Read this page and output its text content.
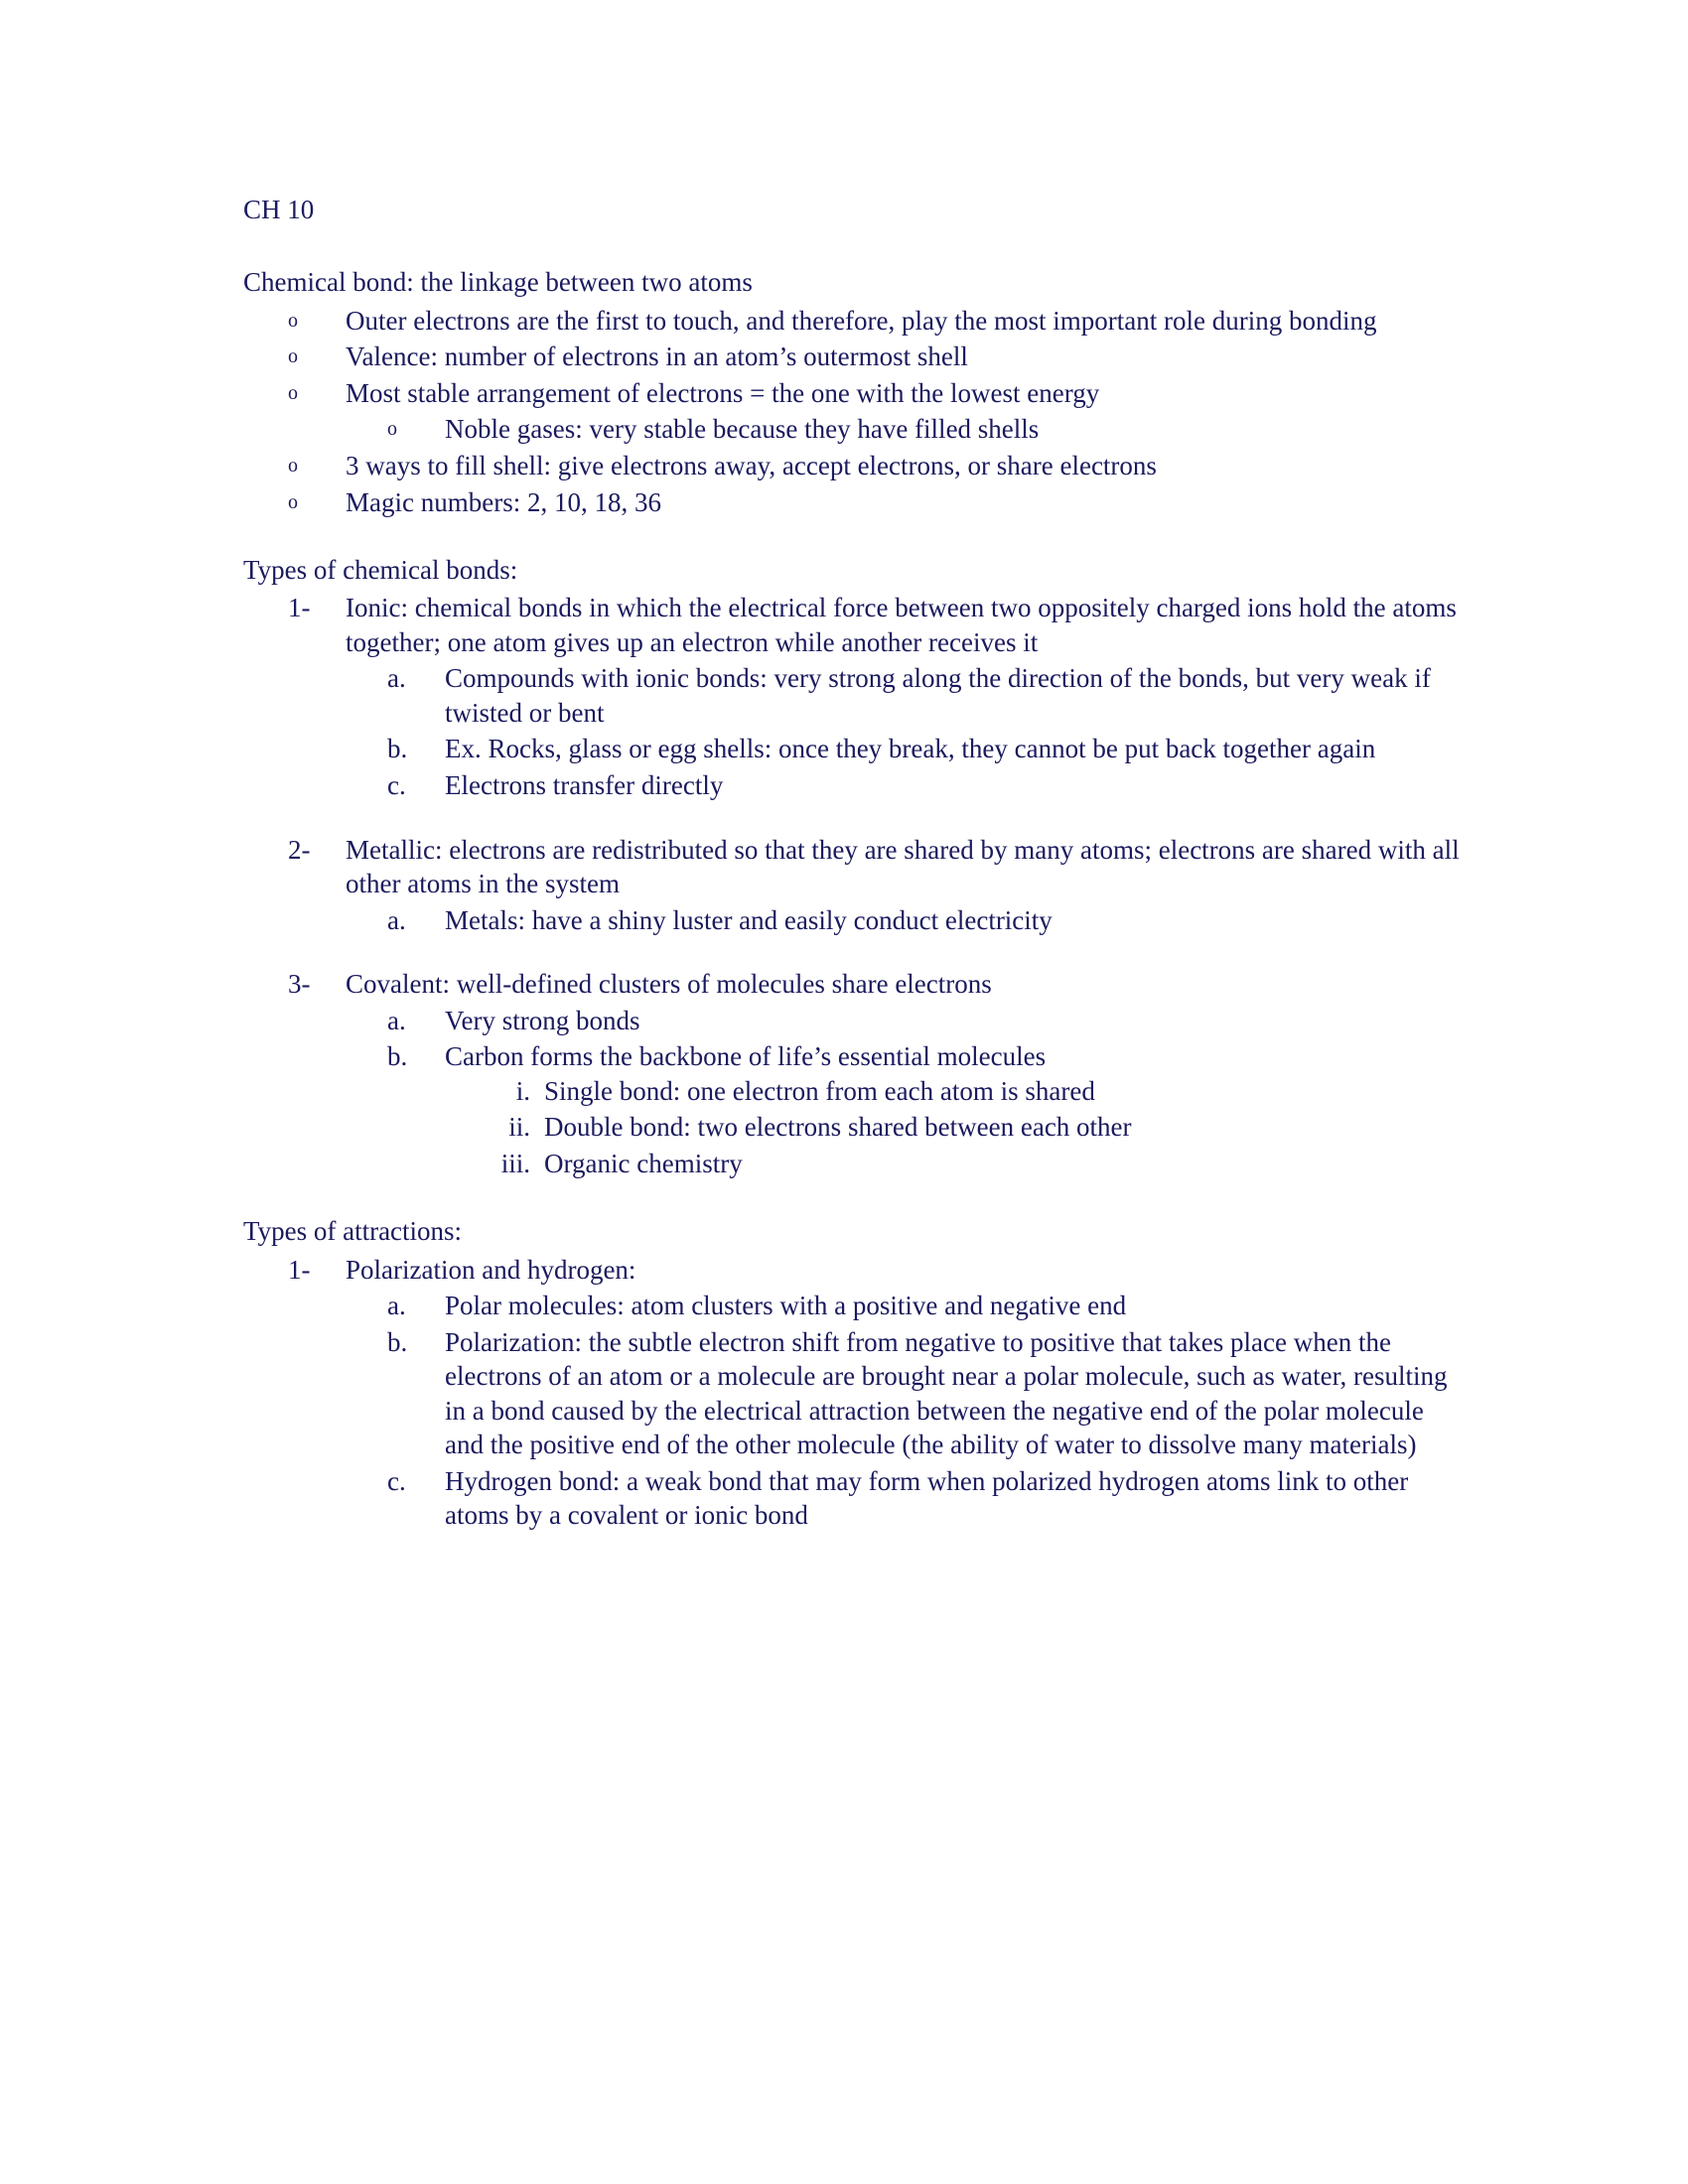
CH 10
Chemical bond: the linkage between two atoms
o Outer electrons are the first to touch, and therefore, play the most important role during bonding
o Valence: number of electrons in an atom’s outermost shell
o Most stable arrangement of electrons = the one with the lowest energy
o Noble gases: very stable because they have filled shells
o 3 ways to fill shell: give electrons away, accept electrons, or share electrons
o Magic numbers: 2, 10, 18, 36
Types of chemical bonds:
1- Ionic: chemical bonds in which the electrical force between two oppositely charged ions hold the atoms together; one atom gives up an electron while another receives it
a. Compounds with ionic bonds: very strong along the direction of the bonds, but very weak if twisted or bent
b. Ex. Rocks, glass or egg shells: once they break, they cannot be put back together again
c. Electrons transfer directly
2- Metallic: electrons are redistributed so that they are shared by many atoms; electrons are shared with all other atoms in the system
a. Metals: have a shiny luster and easily conduct electricity
3- Covalent: well-defined clusters of molecules share electrons
a. Very strong bonds
b. Carbon forms the backbone of life’s essential molecules
i. Single bond: one electron from each atom is shared
ii. Double bond: two electrons shared between each other
iii. Organic chemistry
Types of attractions:
1- Polarization and hydrogen:
a. Polar molecules: atom clusters with a positive and negative end
b. Polarization: the subtle electron shift from negative to positive that takes place when the electrons of an atom or a molecule are brought near a polar molecule, such as water, resulting in a bond caused by the electrical attraction between the negative end of the polar molecule and the positive end of the other molecule (the ability of water to dissolve many materials)
c. Hydrogen bond: a weak bond that may form when polarized hydrogen atoms link to other atoms by a covalent or ionic bond
